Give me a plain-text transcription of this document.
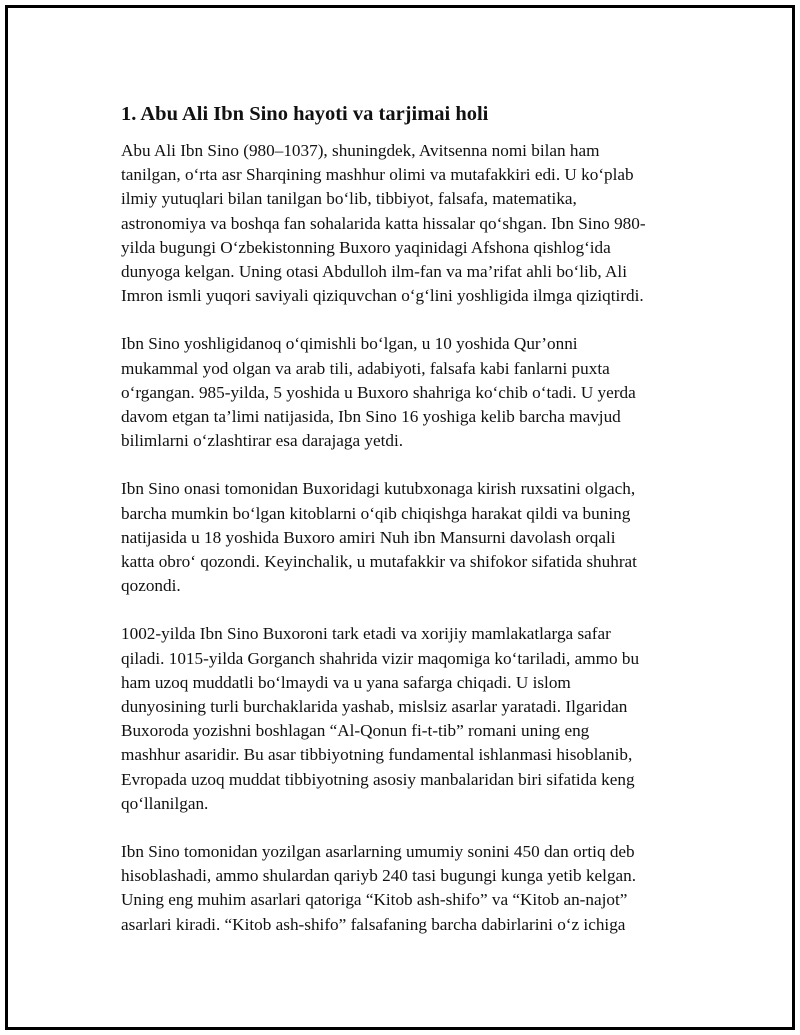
1. Abu Ali Ibn Sino hayoti va tarjimai holi
Abu Ali Ibn Sino (980–1037), shuningdek, Avitsenna nomi bilan ham
tanilgan, o‘rta asr Sharqining mashhur olimi va mutafakkiri edi. U ko‘plab
ilmiy yutuqlari bilan tanilgan bo‘lib, tibbiyot, falsafa, matematika,
astronomiya va boshqa fan sohalarida katta hissalar qo‘shgan. Ibn Sino 980-
yilda bugungi O‘zbekistonning Buxoro yaqinidagi Afshona qishlog‘ida
dunyoga kelgan. Uning otasi Abdulloh ilm-fan va ma’rifat ahli bo‘lib, Ali
Imron ismli yuqori saviyali qiziquvchan o‘g‘lini yoshligida ilmga qiziqtirdi.
Ibn Sino yoshligidanoq o‘qimishli bo‘lgan, u 10 yoshida Qur’onni
mukammal yod olgan va arab tili, adabiyoti, falsafa kabi fanlarni puxta
o‘rgangan. 985-yilda, 5 yoshida u Buxoro shahriga ko‘chib o‘tadi. U yerda
davom etgan ta’limi natijasida, Ibn Sino 16 yoshiga kelib barcha mavjud
bilimlarni o‘zlashtirar esa darajaga yetdi.
Ibn Sino onasi tomonidan Buxoridagi kutubxonaga kirish ruxsatini olgach,
barcha mumkin bo‘lgan kitoblarni o‘qib chiqishga harakat qildi va buning
natijasida u 18 yoshida Buxoro amiri Nuh ibn Mansurni davolash orqali
katta obro‘ qozondi. Keyinchalik, u mutafakkir va shifokor sifatida shuhrat
qozondi.
1002-yilda Ibn Sino Buxoroni tark etadi va xorijiy mamlakatlarga safar
qiladi. 1015-yilda Gorganch shahrida vizir maqomiga ko‘tariladi, ammo bu
ham uzoq muddatli bo‘lmaydi va u yana safarga chiqadi. U islom
dunyosining turli burchaklarida yashab, mislsiz asarlar yaratadi. Ilgaridan
Buxoroda yozishni boshlagan “Al-Qonun fi-t-tib” romani uning eng
mashhur asaridir. Bu asar tibbiyotning fundamental ishlanmasi hisoblanib,
Evropada uzoq muddat tibbiyotning asosiy manbalaridan biri sifatida keng
qo‘llanilgan.
Ibn Sino tomonidan yozilgan asarlarning umumiy sonini 450 dan ortiq deb
hisoblashadi, ammo shulardan qariyb 240 tasi bugungi kunga yetib kelgan.
Uning eng muhim asarlari qatoriga “Kitob ash-shifo” va “Kitob an-najot”
asarlari kiradi. “Kitob ash-shifo” falsafaning barcha dabirlarini o‘z ichiga
